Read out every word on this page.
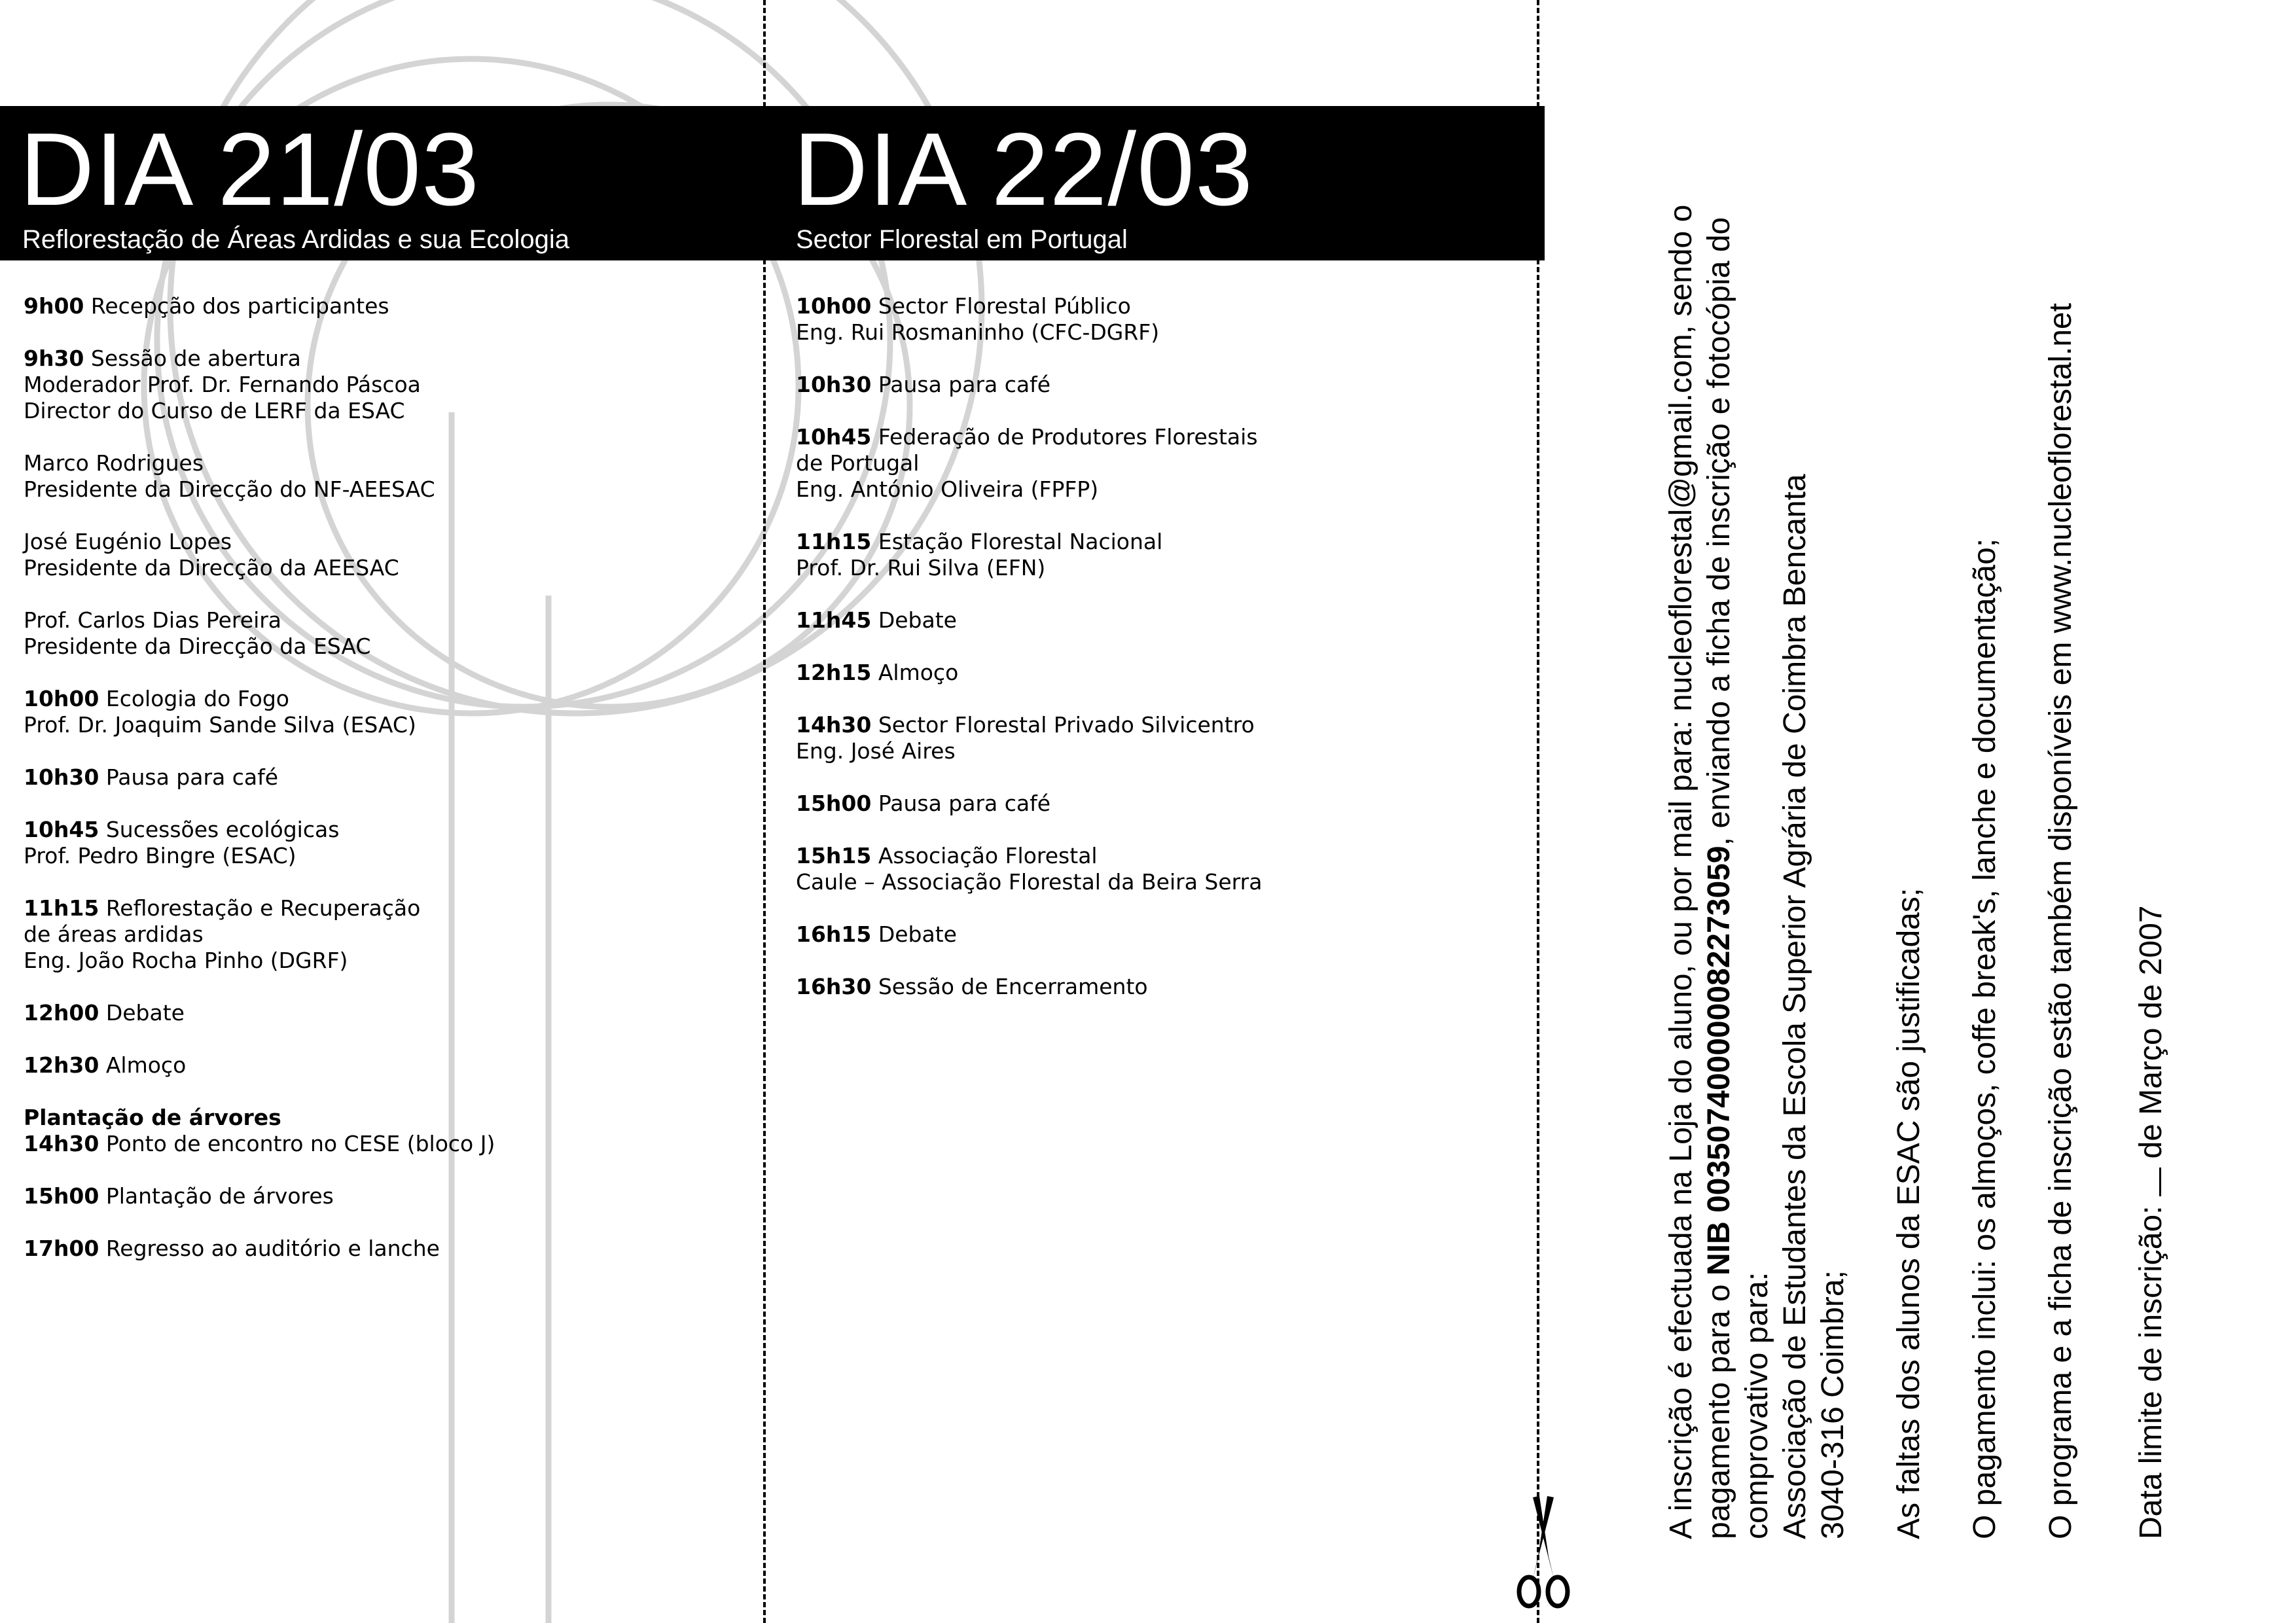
DIA 21/03
Reflorestação de Áreas Ardidas e sua Ecologia
DIA 22/03
Sector Florestal em Portugal
9h00 Recepção dos participantes
9h30 Sessão de abertura
Moderador Prof. Dr. Fernando Páscoa
Director do Curso de LERF da ESAC
Marco Rodrigues
Presidente da Direcção do NF-AEESAC
José Eugénio Lopes
Presidente da Direcção da AEESAC
Prof. Carlos Dias Pereira
Presidente da Direcção da ESAC
10h00 Ecologia do Fogo
Prof. Dr. Joaquim Sande Silva (ESAC)
10h30 Pausa para café
10h45 Sucessões ecológicas
Prof. Pedro Bingre (ESAC)
11h15 Reflorestação e Recuperação
de áreas ardidas
Eng. João Rocha Pinho (DGRF)
12h00 Debate
12h30 Almoço
Plantação de árvores
14h30 Ponto de encontro no CESE (bloco J)
15h00 Plantação de árvores
17h00 Regresso ao auditório e lanche
10h00 Sector Florestal Público
Eng. Rui Rosmaninho (CFC-DGRF)
10h30 Pausa para café
10h45 Federação de Produtores Florestais
de Portugal
Eng. António Oliveira (FPFP)
11h15 Estação Florestal Nacional
Prof. Dr. Rui Silva (EFN)
11h45 Debate
12h15 Almoço
14h30 Sector Florestal Privado Silvicentro
Eng. José Aires
15h00 Pausa para café
15h15 Associação Florestal
Caule – Associação Florestal da Beira Serra
16h15 Debate
16h30 Sessão de Encerramento	A inscrição é efectuada na Loja do aluno, ou por mail para: nucleoflorestal@gmail.com, sendo o pagamento para o NIB 003507400000082273059, enviando a ficha de inscrição e fotocópia do
comprovativo para: Associação de Estudantes da Escola Superior Agrária de Coimbra Bencanta 3040-316 Coimbra; As faltas dos alunos da ESAC são justificadas; O pagamento inclui: os almoços, coffe break's, lanche e documentação; O programa e a ficha de inscrição estão também disponíveis em www.nucleoflorestal.net Data limite de inscrição:de Março de 2007
